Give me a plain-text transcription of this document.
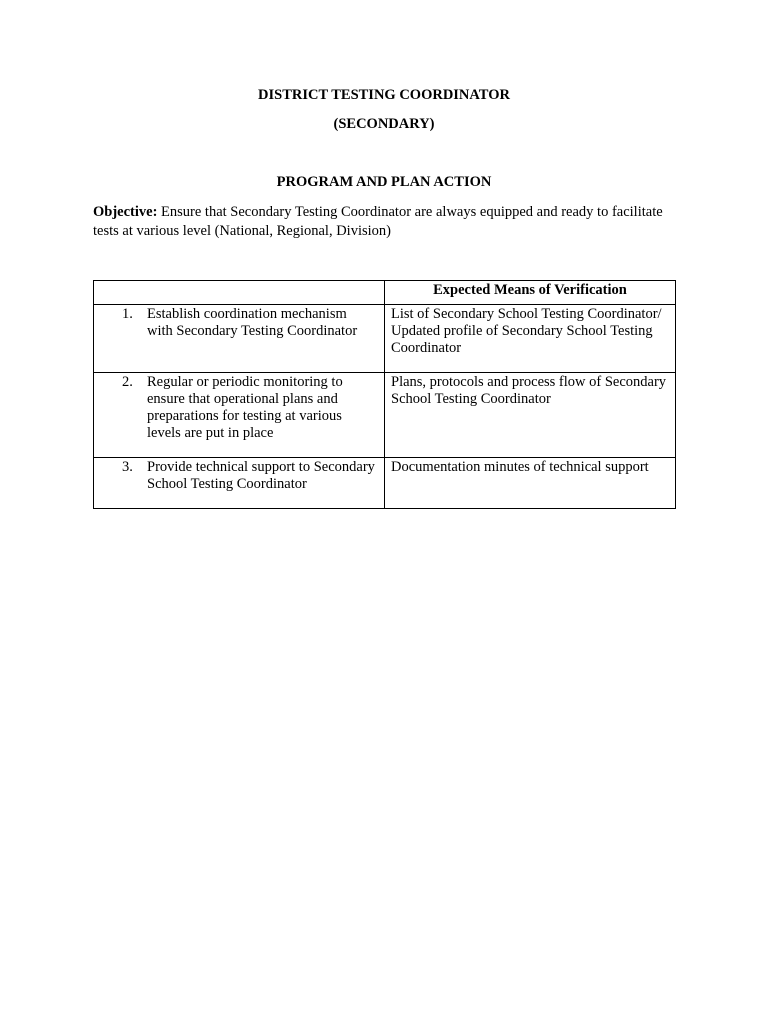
DISTRICT TESTING COORDINATOR
(SECONDARY)
PROGRAM AND PLAN ACTION

Objective: Ensure that Secondary Testing Coordinator are always equipped and ready to facilitate tests at various level (National, Regional, Division)

	Expected Means of Verification

1. Establish coordination mechanism with Secondary Testing Coordinator	List of Secondary School Testing Coordinator/ Updated profile of Secondary School Testing Coordinator

2. Regular or periodic monitoring to ensure that operational plans and preparations for testing at various levels are put in place	Plans, protocols and process flow of Secondary School Testing Coordinator

3. Provide technical support to Secondary School Testing Coordinator	Documentation minutes of technical support
